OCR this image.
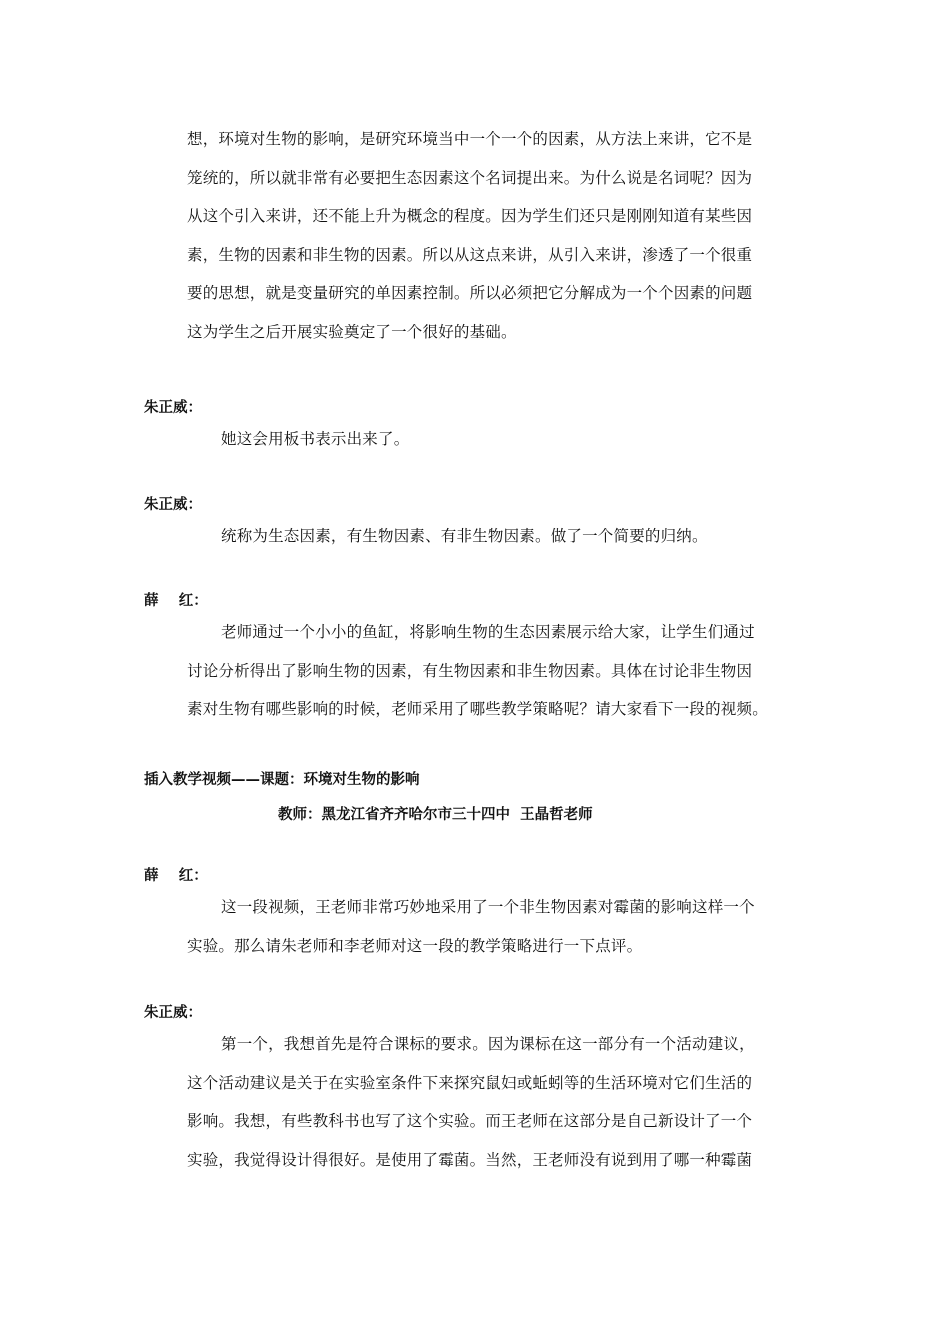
想，环境对生物的影响，是研究环境当中一个一个的因素，从方法上来讲，它不是
笼统的，所以就非常有必要把生态因素这个名词提出来。为什么说是名词呢？因为
从这个引入来讲，还不能上升为概念的程度。因为学生们还只是刚刚知道有某些因
素，生物的因素和非生物的因素。所以从这点来讲，从引入来讲，渗透了一个很重
要的思想，就是变量研究的单因素控制。所以必须把它分解成为一个个因素的问题
这为学生之后开展实验奠定了一个很好的基础。

朱正威：

她这会用板书表示出来了。

朱正威：

统称为生态因素，有生物因素、有非生物因素。做了一个简要的归纳。

薛    红：

老师通过一个小小的鱼缸，将影响生物的生态因素展示给大家，让学生们通过
讨论分析得出了影响生物的因素，有生物因素和非生物因素。具体在讨论非生物因
素对生物有哪些影响的时候，老师采用了哪些教学策略呢？请大家看下一段的视频。

插入教学视频——课题：环境对生物的影响

教师：黑龙江省齐齐哈尔市三十四中  王晶哲老师

薛    红：

这一段视频，王老师非常巧妙地采用了一个非生物因素对霉菌的影响这样一个
实验。那么请朱老师和李老师对这一段的教学策略进行一下点评。

朱正威：

第一个，我想首先是符合课标的要求。因为课标在这一部分有一个活动建议，
这个活动建议是关于在实验室条件下来探究鼠妇或蚯蚓等的生活环境对它们生活的
影响。我想，有些教科书也写了这个实验。而王老师在这部分是自己新设计了一个
实验，我觉得设计得很好。是使用了霉菌。当然，王老师没有说到用了哪一种霉菌
